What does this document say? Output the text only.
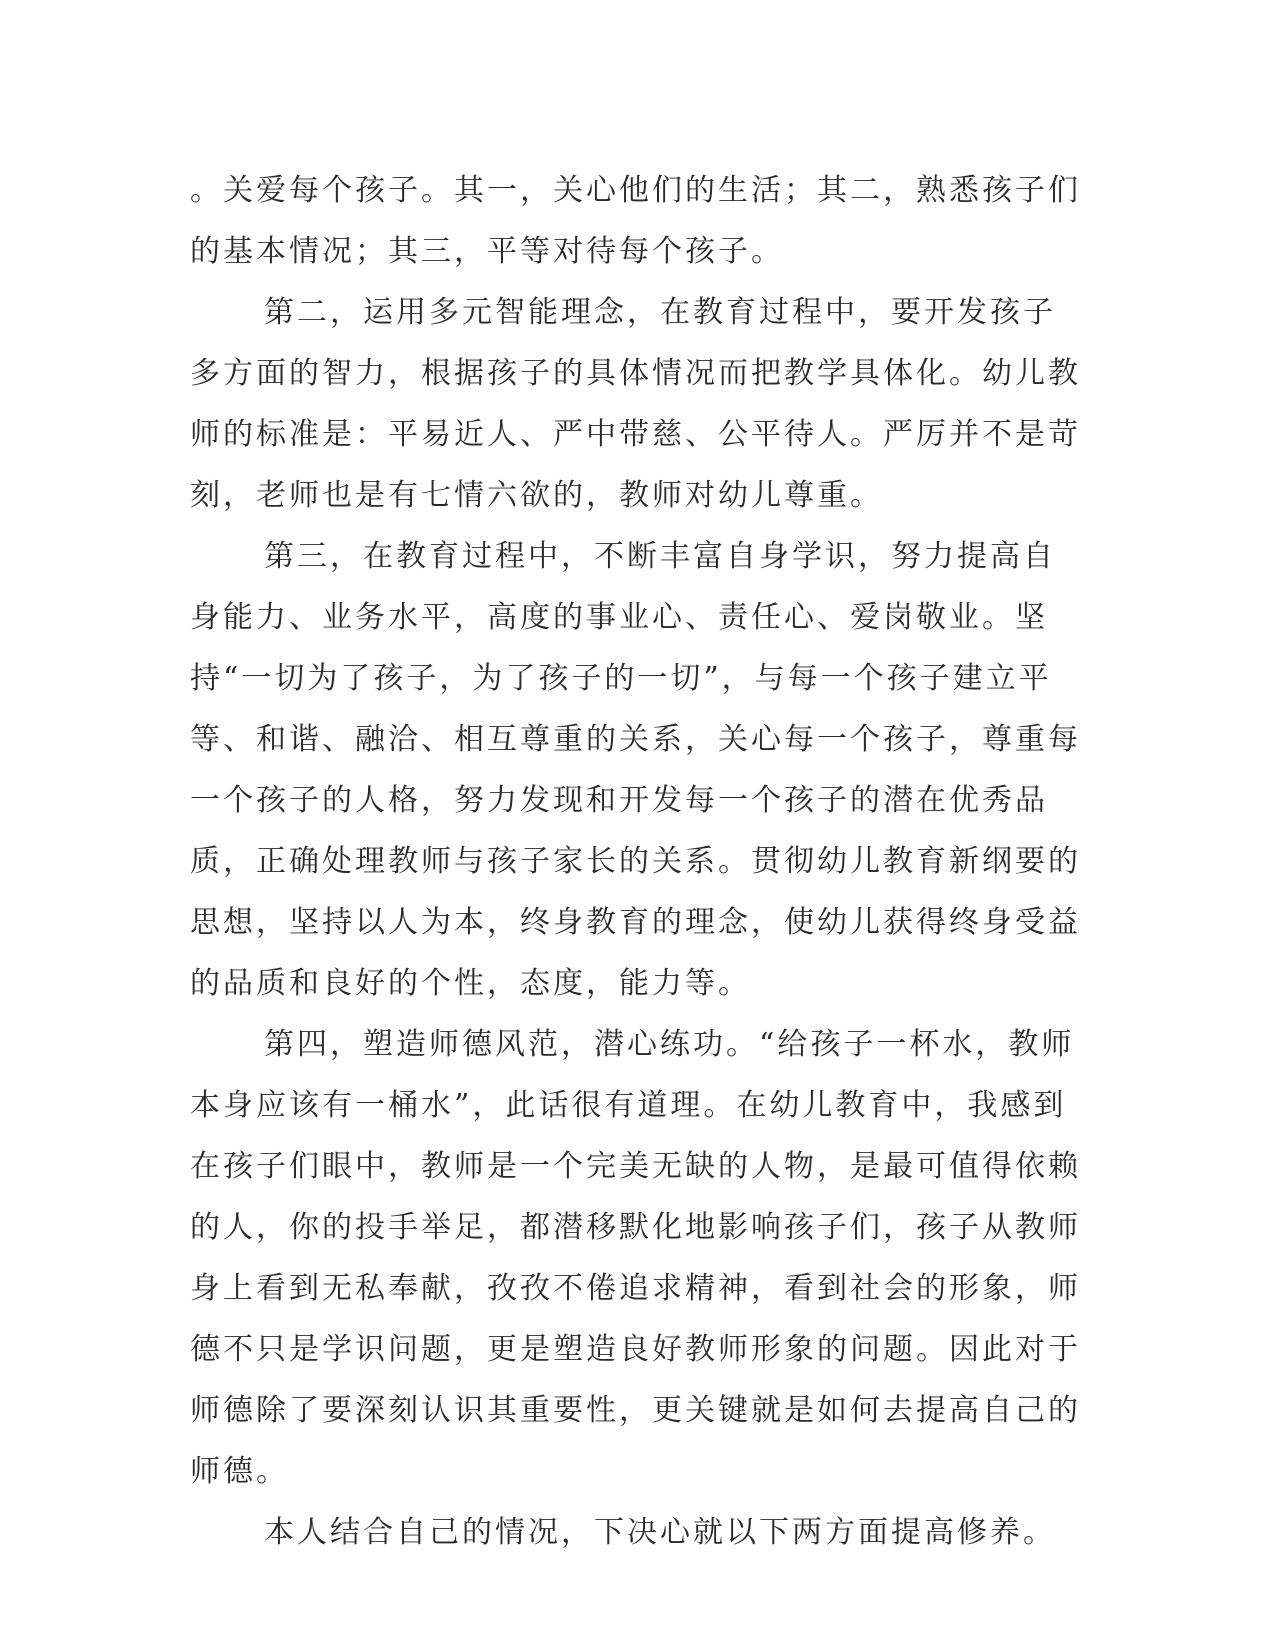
。关爱每个孩子。其一，关心他们的生活；其二，熟悉孩子们的基本情况；其三，平等对待每个孩子。

第二，运用多元智能理念，在教育过程中，要开发孩子多方面的智力，根据孩子的具体情况而把教学具体化。幼儿教师的标准是：平易近人、严中带慈、公平待人。严厉并不是苛刻，老师也是有七情六欲的，教师对幼儿尊重。

第三，在教育过程中，不断丰富自身学识，努力提高自身能力、业务水平，高度的事业心、责任心、爱岗敬业。坚持“一切为了孩子，为了孩子的一切”，与每一个孩子建立平等、和谐、融洽、相互尊重的关系，关心每一个孩子，尊重每一个孩子的人格，努力发现和开发每一个孩子的潜在优秀品质，正确处理教师与孩子家长的关系。贯彻幼儿教育新纲要的思想，坚持以人为本，终身教育的理念，使幼儿获得终身受益的品质和良好的个性，态度，能力等。

第四，塑造师德风范，潜心练功。“给孩子一杯水，教师本身应该有一桶水”，此话很有道理。在幼儿教育中，我感到在孩子们眼中，教师是一个完美无缺的人物，是最可值得依赖的人，你的投手举足，都潜移默化地影响孩子们，孩子从教师身上看到无私奉献，孜孜不倦追求精神，看到社会的形象，师德不只是学识问题，更是塑造良好教师形象的问题。因此对于师德除了要深刻认识其重要性，更关键就是如何去提高自己的师德。

本人结合自己的情况，下决心就以下两方面提高修养。
